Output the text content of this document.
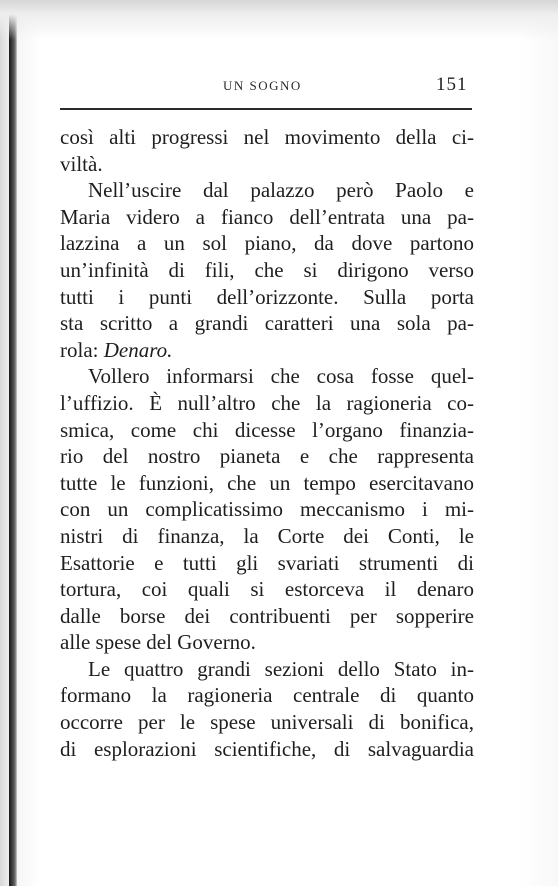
UN SOGNO	151
così alti progressi nel movimento della ci-
viltà.
Nell’uscire dal palazzo però Paolo e
Maria videro a fianco dell’entrata una pa-
lazzina a un sol piano, da dove partono
un’infinità di fili, che si dirigono verso
tutti i punti dell’orizzonte. Sulla porta
sta scritto a grandi caratteri una sola pa-
rola: Denaro.
Vollero informarsi che cosa fosse quel-
l’uffizio. È null’altro che la ragioneria co-
smica, come chi dicesse l’organo finanzia-
rio del nostro pianeta e che rappresenta
tutte le funzioni, che un tempo esercitavano
con un complicatissimo meccanismo i mi-
nistri di finanza, la Corte dei Conti, le
Esattorie e tutti gli svariati strumenti di
tortura, coi quali si estorceva il denaro
dalle borse dei contribuenti per sopperire
alle spese del Governo.
Le quattro grandi sezioni dello Stato in-
formano la ragioneria centrale di quanto
occorre per le spese universali di bonifica,
di esplorazioni scientifiche, di salvaguardia
